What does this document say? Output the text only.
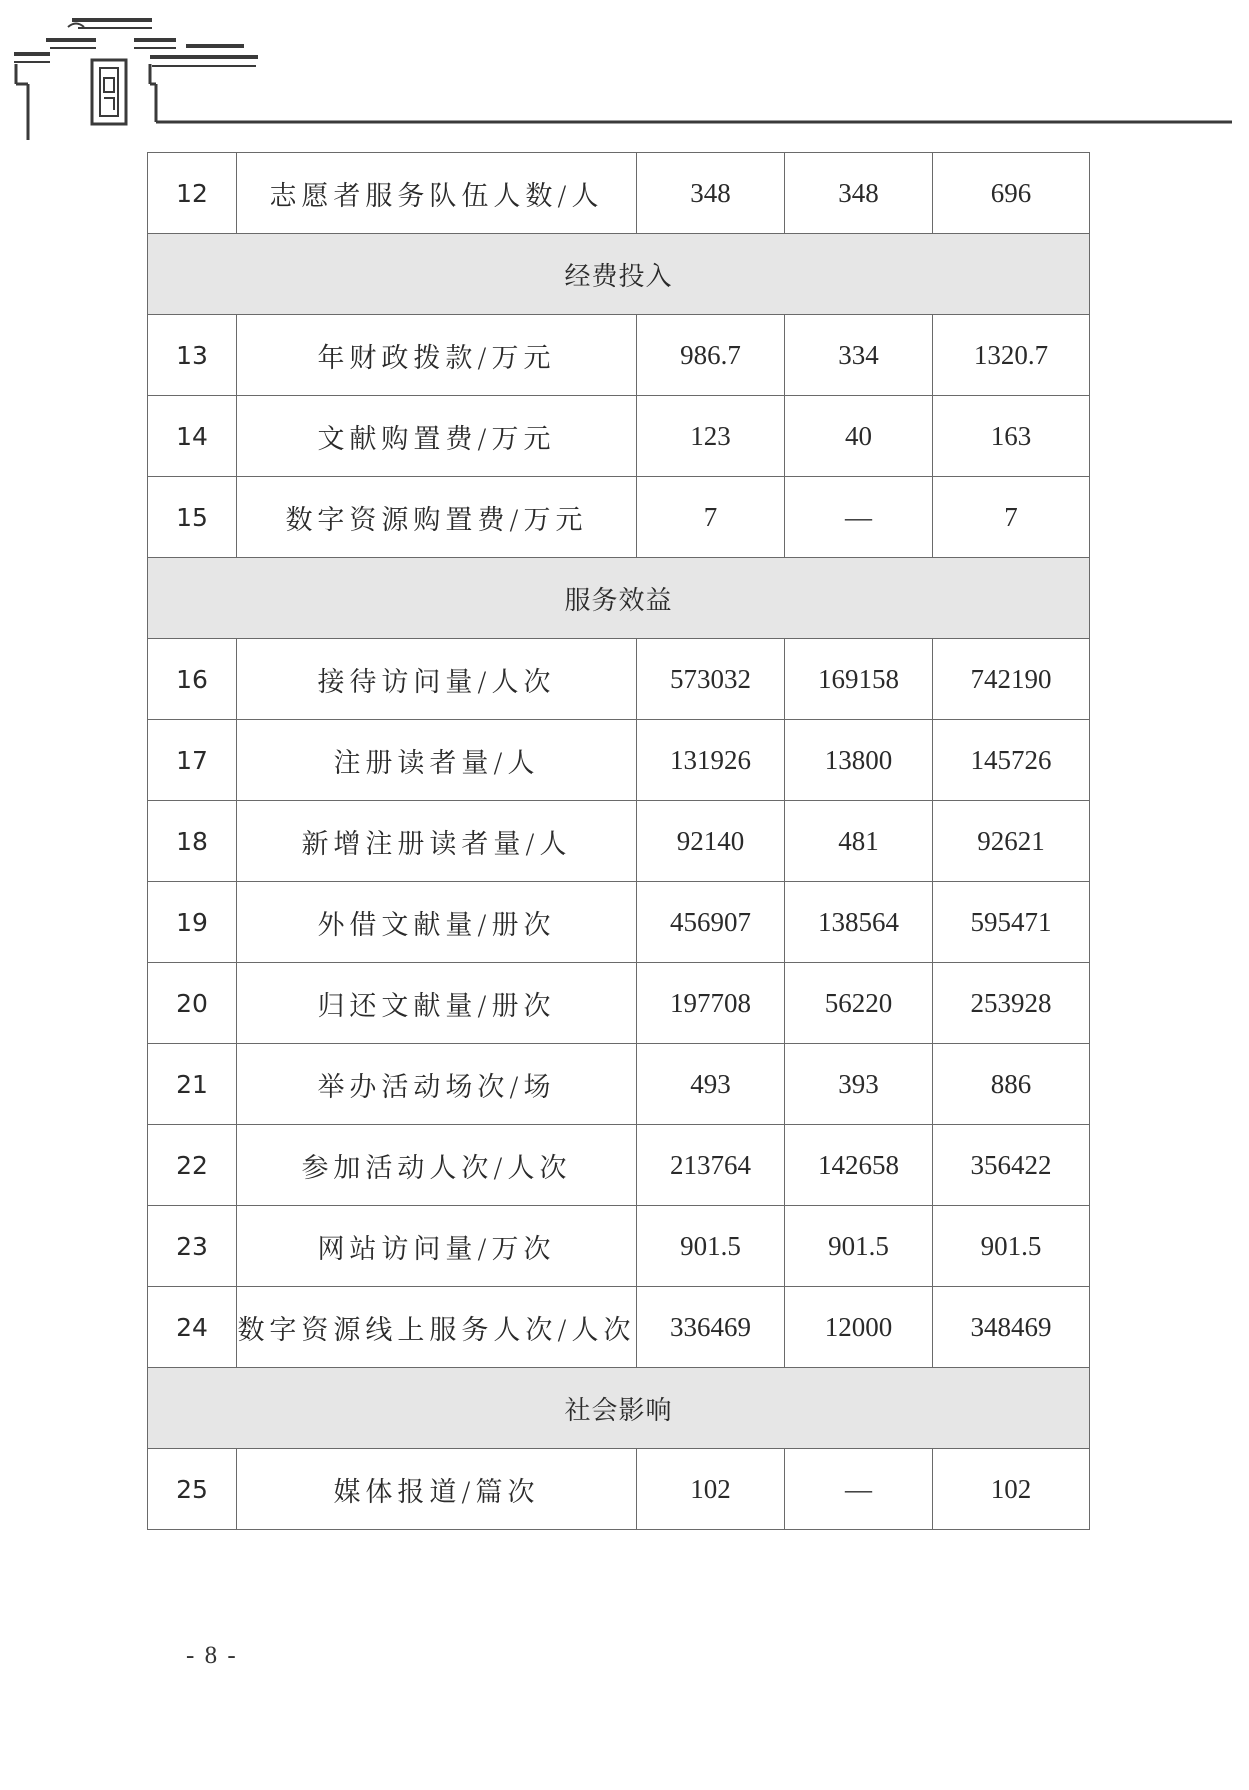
12	志愿者服务队伍人数/人	348	348	696
经费投入				
13	年财政拨款/万元	986.7	334	1320.7
14	文献购置费/万元	123	40	163
15	数字资源购置费/万元	7	—	7
服务效益				
16	接待访问量/人次	573032	169158	742190
17	注册读者量/人	131926	13800	145726
18	新增注册读者量/人	92140	481	92621
19	外借文献量/册次	456907	138564	595471
20	归还文献量/册次	197708	56220	253928
21	举办活动场次/场	493	393	886
22	参加活动人次/人次	213764	142658	356422
23	网站访问量/万次	901.5	901.5	901.5
24	数字资源线上服务人次/人次	336469	12000	348469
社会影响				
25	媒体报道/篇次	102	—	102
- 8 -
